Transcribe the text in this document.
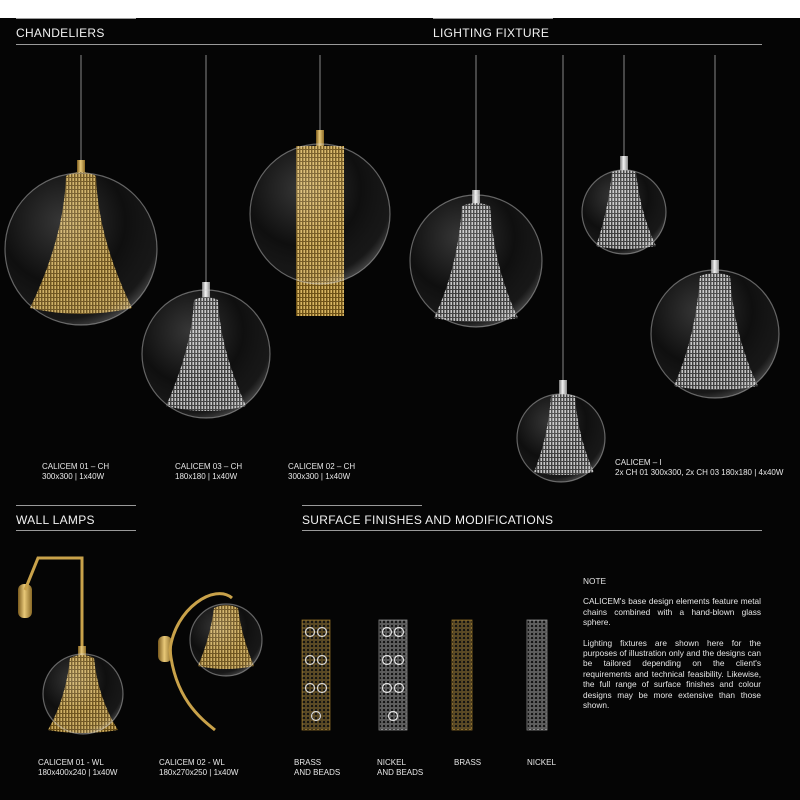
CHANDELIERS	LIGHTING FIXTURE
WALL LAMPS	SURFACE FINISHES AND MODIFICATIONS
CALICEM 01 – CH
300x300 | 1x40W
CALICEM 03 – CH
180x180 | 1x40W
CALICEM 02 – CH
300x300 | 1x40W
CALICEM – I
2x CH 01 300x300, 2x CH 03 180x180 | 4x40W
CALICEM 01 - WL
180x400x240 | 1x40W
CALICEM 02 - WL
180x270x250 | 1x40W
BRASS
AND BEADS
NICKEL
AND BEADS
BRASS	NICKEL
NOTE
CALICEM's base design elements feature metal chains combined with a hand-blown glass sphere.
Lighting fixtures are shown here for the purposes of illustration only and the designs can be tailored depending on the client's requirements and technical feasibility. Likewise, the full range of surface finishes and colour designs may be more extensive than those shown.
